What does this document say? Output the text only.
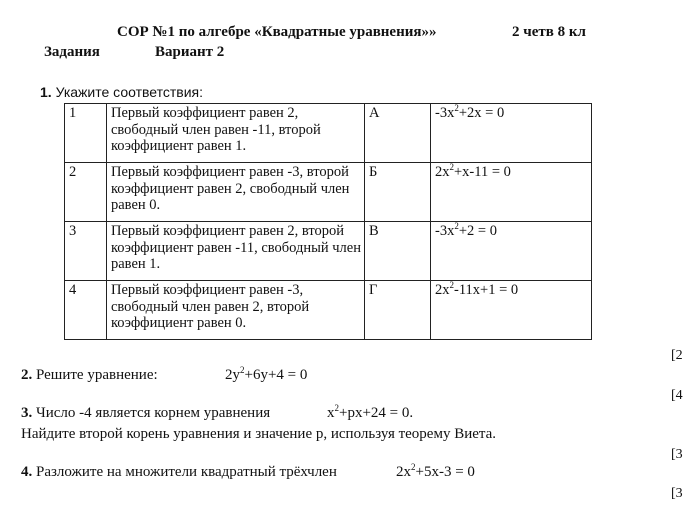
СОР №1 по алгебре «Квадратные уравнения»»	2 четв 8 кл
Задания	Вариант 2
1. Укажите соответствия:
1	Первый коэффициент равен 2, свободный член равен -11, второй коэффициент равен 1.	А	$-3x^2+2x = 0$
2	Первый коэффициент равен -3, второй коэффициент равен 2, свободный член равен 0.	Б	$2x^2+x-11 = 0$
3	Первый коэффициент равен 2, второй коэффициент равен -11, свободный член равен 1.	В	$-3x^2+2 = 0$
4	Первый коэффициент равен -3, свободный член равен 2, второй коэффициент равен 0.	Г	$2x^2-11x+1 = 0$
2. Решите уравнение:	$2y^2+6y+4 = 0$
3. Число -4 является корнем уравнения	$x^2+px+24 = 0$.
Найдите второй корень уравнения и значение р, используя теорему Виета.
4. Разложите на множители квадратный трёхчлен	$2x^2+5x-3 = 0$
[2
[4
[3
[3
